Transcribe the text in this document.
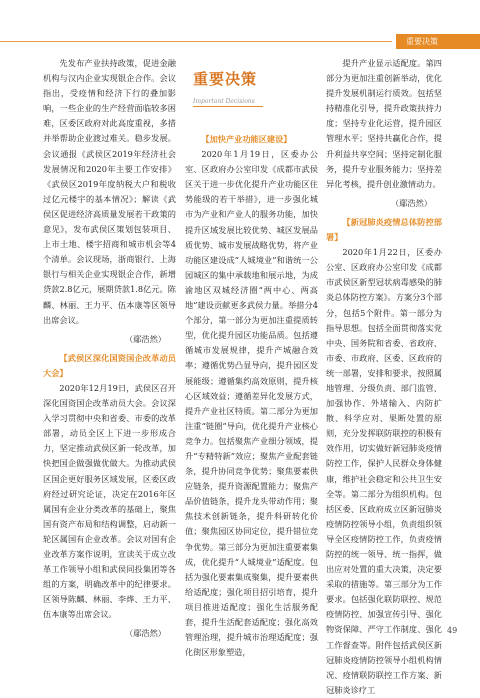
重要决策

先发布产业扶持政策，促进金融机构与汉内企业实现银企合作。会议指出，受疫情和经济下行的叠加影响，一些企业的生产经营面临较多困难，区委区政府对此高度重视，多措并举帮助企业渡过难关。稳步发展。会议通报《武侯区2019年经济社会发展情况和2020年主要工作安排》《武侯区2019年度纳税大户和税收过亿元楼宇的基本情况》；解读《武侯区促进经济高质量发展若干政策的意见》，发布武侯区策划包装项目、上市土地、楼宇招商和城市机会等4个清单。会议现场，浙商银行、上海银行与相关企业实现银企合作，新增贷款2.8亿元，展期贷款1.8亿元。陈麟、林丽、王力平、伍本康等区领导出席会议。

（鄢浩然）

【武侯区深化国资国企改革动员大会】

2020年12月19日，武侯区召开深化国资国企改革动员大会。会议深入学习贯彻中央和省委、市委的改革部署，动员全区上下进一步形成合力，坚定推动武侯区新一轮改革，加快把国企做强做优做大。为推动武侯区国企更好服务区域发展，区委区政府经过研究论证，决定在2016年区属国有企业分类改革的基础上，聚焦国有资产布局和结构调整，启动新一轮区属国有企业改革。会议对国有企业改革方案作说明，宣读关于成立改革工作领导小组和武侯同投集团等各组的方案，明确改革中的纪律要求。区领导陈麟、林丽、李烨、王力平、伍本康等出席会议。

（鄢浩然）

重要决策
Important Decisions

【加快产业功能区建设】

2020年1月19日，区委办公室、区政府办公室印发《成都市武侯区关于进一步优化提升产业功能区住势能级的若干举措》，进一步强化城市为产业和产业人的服务功能，加快提升区域发展比较优势、城区发展品质优势、城市发展战略优势，将产业功能区建设成“人城境业”和谐统一公园城区的集中承载地和展示地，为成渝地区双城经济圈“两中心、两高地”建设贡献更多武侯力量。举措分4个部分，第一部分为更加注重提质转型，优化提升园区功能品质。包括遵循城市发展规律，提升产城融合效率；遵循优势凸显导向，提升园区发展能级；遵循集约高效原则，提升核心区域效益；遵循差异化发展方式，提升产业社区特质。第二部分为更加注重“链圈”导向，优化提升产业核心竞争力。包括聚焦产业细分领域，提升“专精特新”效应；聚焦产业配套链条，提升协同竞争优势；聚焦要素供应链条，提升资源配置能力；聚焦产品价值链条，提升龙头带动作用；聚焦技术创新链条，提升科研转化价值；聚焦园区协同定位，提升错位竞争优势。第三部分为更加注重要素集成，优化提升“人城境业”适配度。包括为强化要素集成聚集，提升要素供给适配度；强化项目招引培育，提升项目推进适配度；强化生活服务配套，提升生活配套适配度；强化高效管理治理，提升城市治理适配度；强化街区形象塑造，

提升产业显示适配度。第四部分为更加注重创新举动，优化提升发展机制运行质效。包括坚持精准化引导，提升政策扶持力度；坚持专业化运营，提升园区管理水平；坚持共赢化合作，提升利益共享空间；坚持定制化服务，提升专业服务能力；坚持差异化考核，提升创业激情动力。

（鄢浩然）

【新冠肺炎疫情总体防控部署】

2020年1月22日，区委办公室、区政府办公室印发《成都市武侯区新型冠状病毒感染的肺炎总体防控方案》。方案分3个部分，包括5个附件。第一部分为指导思想。包括全面贯彻落实党中央、国务院和省委、省政府、市委、市政府、区委、区政府的统一部署，安排和要求，按照属地管理、分级负责、部门监管、加强协作、外堵输入、内防扩散、科学应对、果断处置的原则，充分发挥联防联控的积极有效作用，切实做好新冠肺炎疫情防控工作，保护人民群众身体健康，维护社会稳定和公共卫生安全等。第二部分为组织机构。包括区委、区政府成立区新冠肺炎疫情防控领导小组，负责组织领导全区疫情防控工作，负责疫情防控的统一领导、统一指挥，做出应对处置的重大决策，决定要采取的措施等。第三部分为工作要求。包括强化联防联控、规范疫情防控、加强宣传引导、强化物资保障、严守工作制度、强化工作督查等。附件包括武侯区新冠肺炎疫情防控领导小组机构情况、疫情联防联控工作方案、新冠肺炎诊疗工

49
